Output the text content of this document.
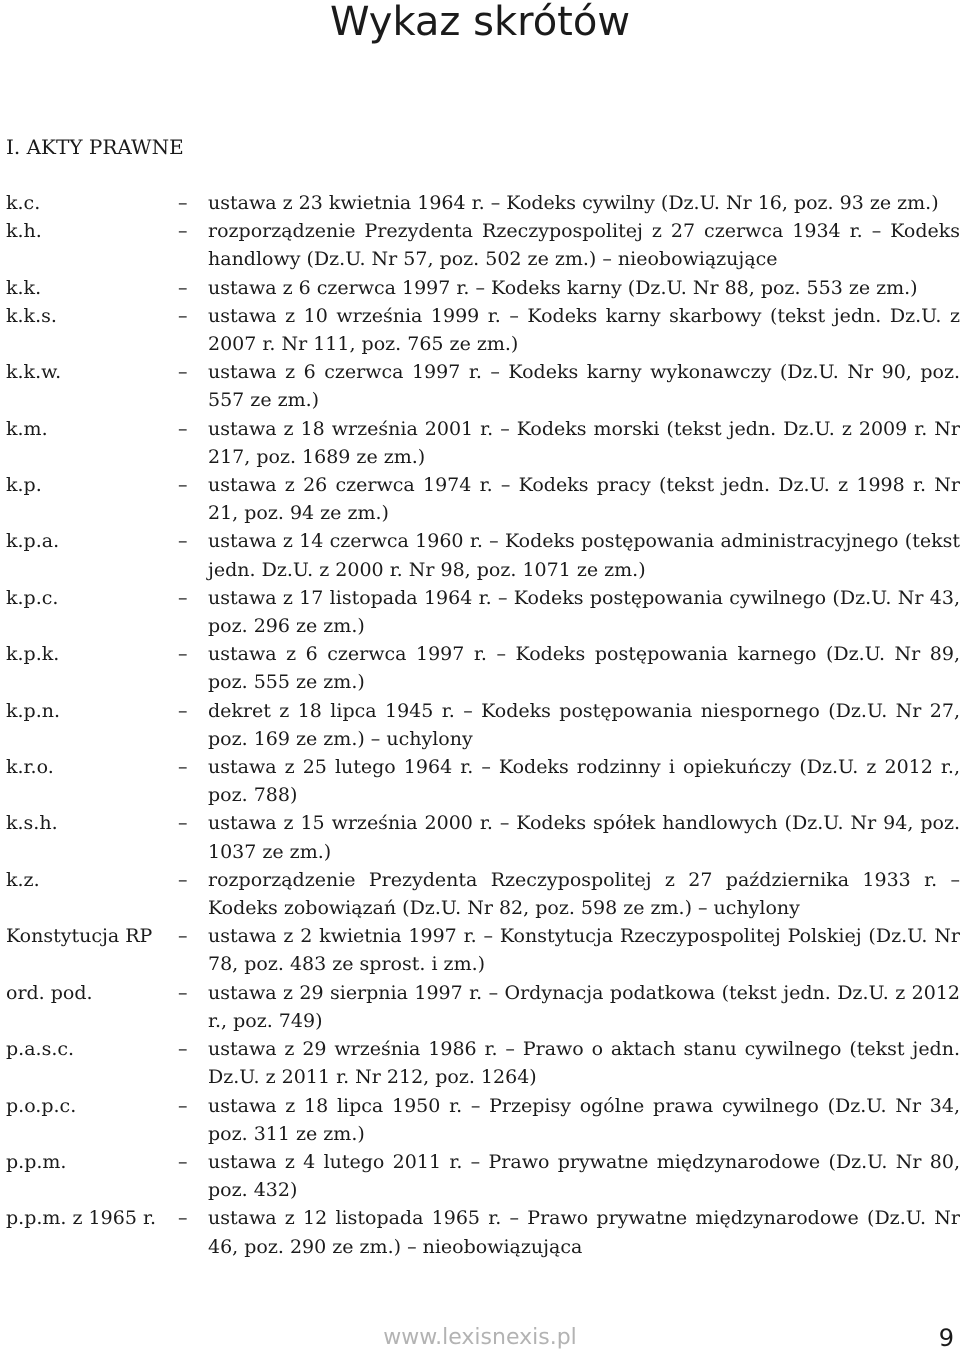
Wykaz skrótów
I. AKTY PRAWNE
k.c.	– ustawa z 23 kwietnia 1964 r. – Kodeks cywilny (Dz.U. Nr 16, poz. 93 ze zm.)
k.h.	– rozporządzenie Prezydenta Rzeczypospolitej z 27 czerwca 1934 r. – Kodeks handlowy (Dz.U. Nr 57, poz. 502 ze zm.) – nieobowiązujące
k.k.	– ustawa z 6 czerwca 1997 r. – Kodeks karny (Dz.U. Nr 88, poz. 553 ze zm.)
k.k.s.	– ustawa z 10 września 1999 r. – Kodeks karny skarbowy (tekst jedn. Dz.U. z 2007 r. Nr 111, poz. 765 ze zm.)
k.k.w.	– ustawa z 6 czerwca 1997 r. – Kodeks karny wykonawczy (Dz.U. Nr 90, poz. 557 ze zm.)
k.m.	– ustawa z 18 września 2001 r. – Kodeks morski (tekst jedn. Dz.U. z 2009 r. Nr 217, poz. 1689 ze zm.)
k.p.	– ustawa z 26 czerwca 1974 r. – Kodeks pracy (tekst jedn. Dz.U. z 1998 r. Nr 21, poz. 94 ze zm.)
k.p.a.	– ustawa z 14 czerwca 1960 r. – Kodeks postępowania administracyjnego (tekst jedn. Dz.U. z 2000 r. Nr 98, poz. 1071 ze zm.)
k.p.c.	– ustawa z 17 listopada 1964 r. – Kodeks postępowania cywilnego (Dz.U. Nr 43, poz. 296 ze zm.)
k.p.k.	– ustawa z 6 czerwca 1997 r. – Kodeks postępowania karnego (Dz.U. Nr 89, poz. 555 ze zm.)
k.p.n.	– dekret z 18 lipca 1945 r. – Kodeks postępowania niespornego (Dz.U. Nr 27, poz. 169 ze zm.) – uchylony
k.r.o.	– ustawa z 25 lutego 1964 r. – Kodeks rodzinny i opiekuńczy (Dz.U. z 2012 r., poz. 788)
k.s.h.	– ustawa z 15 września 2000 r. – Kodeks spółek handlowych (Dz.U. Nr 94, poz. 1037 ze zm.)
k.z.	– rozporządzenie Prezydenta Rzeczypospolitej z 27 października 1933 r. – Kodeks zobowiązań (Dz.U. Nr 82, poz. 598 ze zm.) – uchylony
Konstytucja RP – ustawa z 2 kwietnia 1997 r. – Konstytucja Rzeczypospolitej Polskiej (Dz.U. Nr 78, poz. 483 ze sprost. i zm.)
ord. pod.	– ustawa z 29 sierpnia 1997 r. – Ordynacja podatkowa (tekst jedn. Dz.U. z 2012 r., poz. 749)
p.a.s.c.	– ustawa z 29 września 1986 r. – Prawo o aktach stanu cywilnego (tekst jedn. Dz.U. z 2011 r. Nr 212, poz. 1264)
p.o.p.c.	– ustawa z 18 lipca 1950 r. – Przepisy ogólne prawa cywilnego (Dz.U. Nr 34, poz. 311 ze zm.)
p.p.m.	– ustawa z 4 lutego 2011 r. – Prawo prywatne międzynarodowe (Dz.U. Nr 80, poz. 432)
p.p.m. z 1965 r. – ustawa z 12 listopada 1965 r. – Prawo prywatne międzynarodowe (Dz.U. Nr 46, poz. 290 ze zm.) – nieobowiązująca
www.lexisnexis.pl	9
